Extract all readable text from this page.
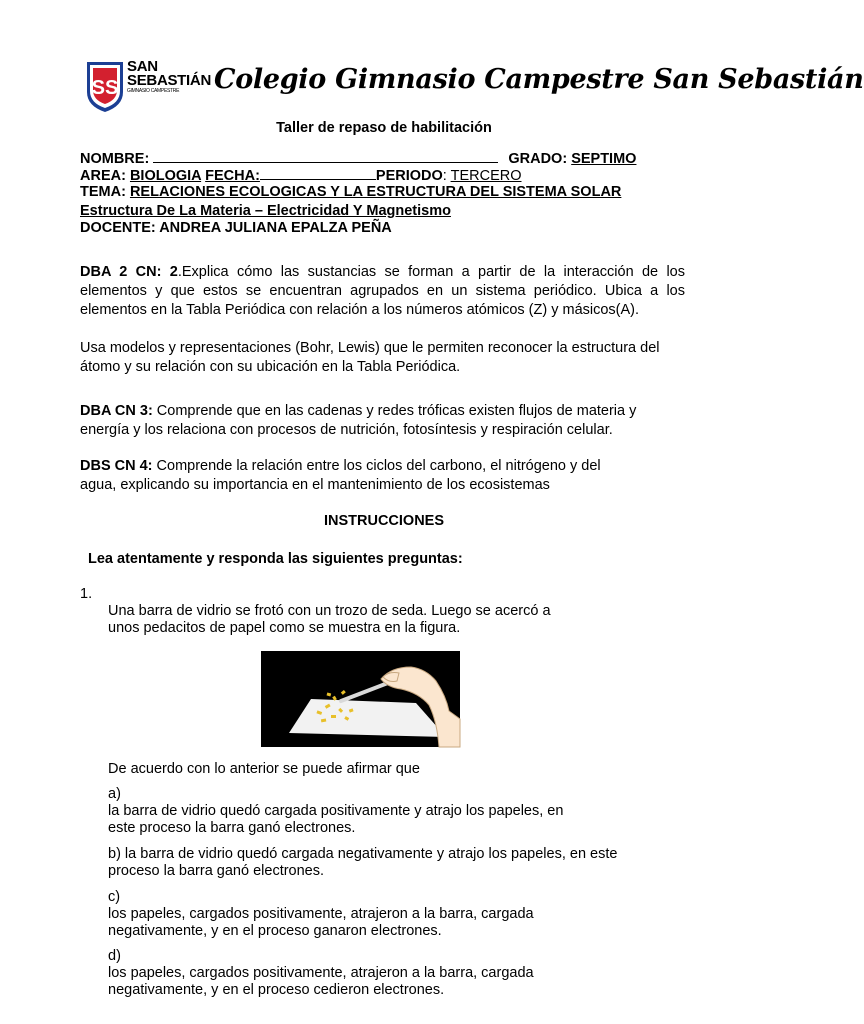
SS
SAN
SEBASTIÁN
GIMNASIO CAMPESTRE	Colegio Gimnasio Campestre San Sebastián
Taller de repaso de habilitación
NOMBRE:	GRADO: SEPTIMO
AREA: BIOLOGIA FECHA:	PERIODO: TERCERO
TEMA: RELACIONES ECOLOGICAS Y LA ESTRUCTURA DEL SISTEMA SOLAR
Estructura De La Materia – Electricidad Y Magnetismo
DOCENTE: ANDREA JULIANA EPALZA PEÑA
DBA 2 CN: 2.Explica cómo las sustancias se forman a partir de la interacción de los elementos y que estos se encuentran agrupados en un sistema periódico. Ubica a los elementos en la Tabla Periódica con relación a los números atómicos (Z) y másicos(A).
Usa modelos y representaciones (Bohr, Lewis) que le permiten reconocer la estructura del átomo y su relación con su ubicación en la Tabla Periódica.
DBA CN 3: Comprende que en las cadenas y redes tróficas existen flujos de materia y energía y los relaciona con procesos de nutrición, fotosíntesis y respiración celular.
DBS CN 4: Comprende la relación entre los ciclos del carbono, el nitrógeno y del agua, explicando su importancia en el mantenimiento de los ecosistemas
INSTRUCCIONES
Lea atentamente y responda las siguientes preguntas:
1.
Una barra de vidrio se frotó con un trozo de seda. Luego se acercó a
unos pedacitos de papel como se muestra en la figura.
De acuerdo con lo anterior se puede afirmar que
a)
la barra de vidrio quedó cargada positivamente y atrajo los papeles, en
este proceso la barra ganó electrones.
b) la barra de vidrio quedó cargada negativamente y atrajo los papeles, en este
proceso la barra ganó electrones.
c)
los papeles, cargados positivamente, atrajeron a la barra, cargada
negativamente, y en el proceso ganaron electrones.
d)
los papeles, cargados positivamente, atrajeron a la barra, cargada
negativamente, y en el proceso cedieron electrones.
